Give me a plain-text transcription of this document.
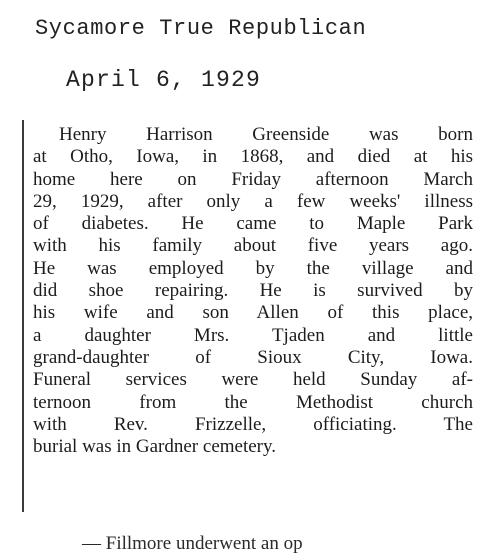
Sycamore True Republican
April 6, 1929
Henry Harrison Greenside was born
at Otho, Iowa, in 1868, and died at his
home here on Friday afternoon March
29, 1929, after only a few weeks' illness
of diabetes. He came to Maple Park
with his family about five years ago.
He was employed by the village and
did shoe repairing. He is survived by
his wife and son Allen of this place,
a daughter Mrs. Tjaden and little
grand-daughter of Sioux City, Iowa.
Funeral services were held Sunday af-
ternoon from the Methodist church
with Rev. Frizzelle, officiating. The
burial was in Gardner cemetery.
— Fillmore underwent an op
